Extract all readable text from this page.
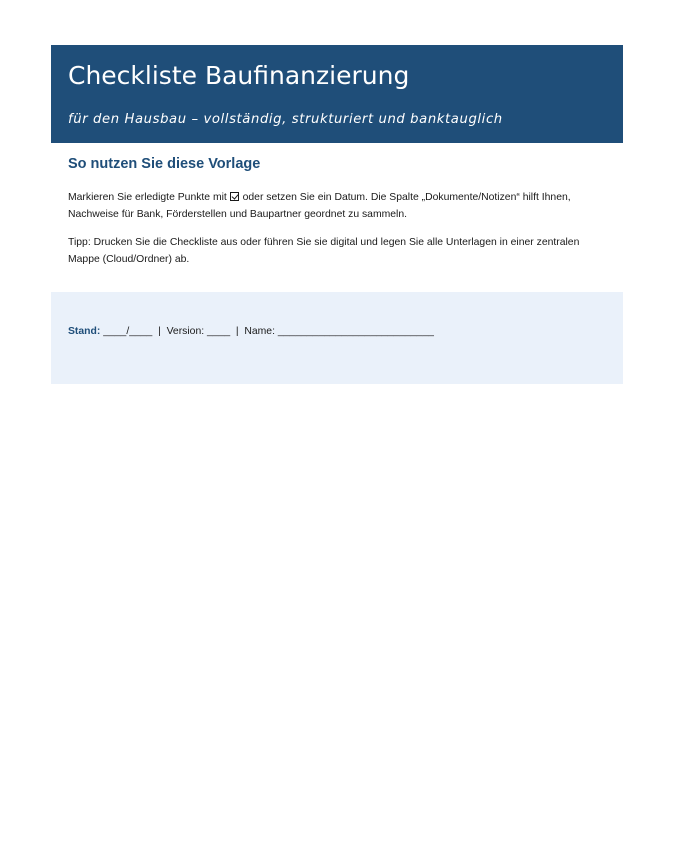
Checkliste Baufinanzierung

für den Hausbau – vollständig, strukturiert und banktauglich

So nutzen Sie diese Vorlage

Markieren Sie erledigte Punkte mit  oder setzen Sie ein Datum. Die Spalte „Dokumente/Notizen“ hilft Ihnen, Nachweise für Bank, Förderstellen und Baupartner geordnet zu sammeln.

Tipp: Drucken Sie die Checkliste aus oder führen Sie sie digital und legen Sie alle Unterlagen in einer zentralen Mappe (Cloud/Ordner) ab.

Stand: ____/____  |  Version: ____  |  Name: ___________________________
